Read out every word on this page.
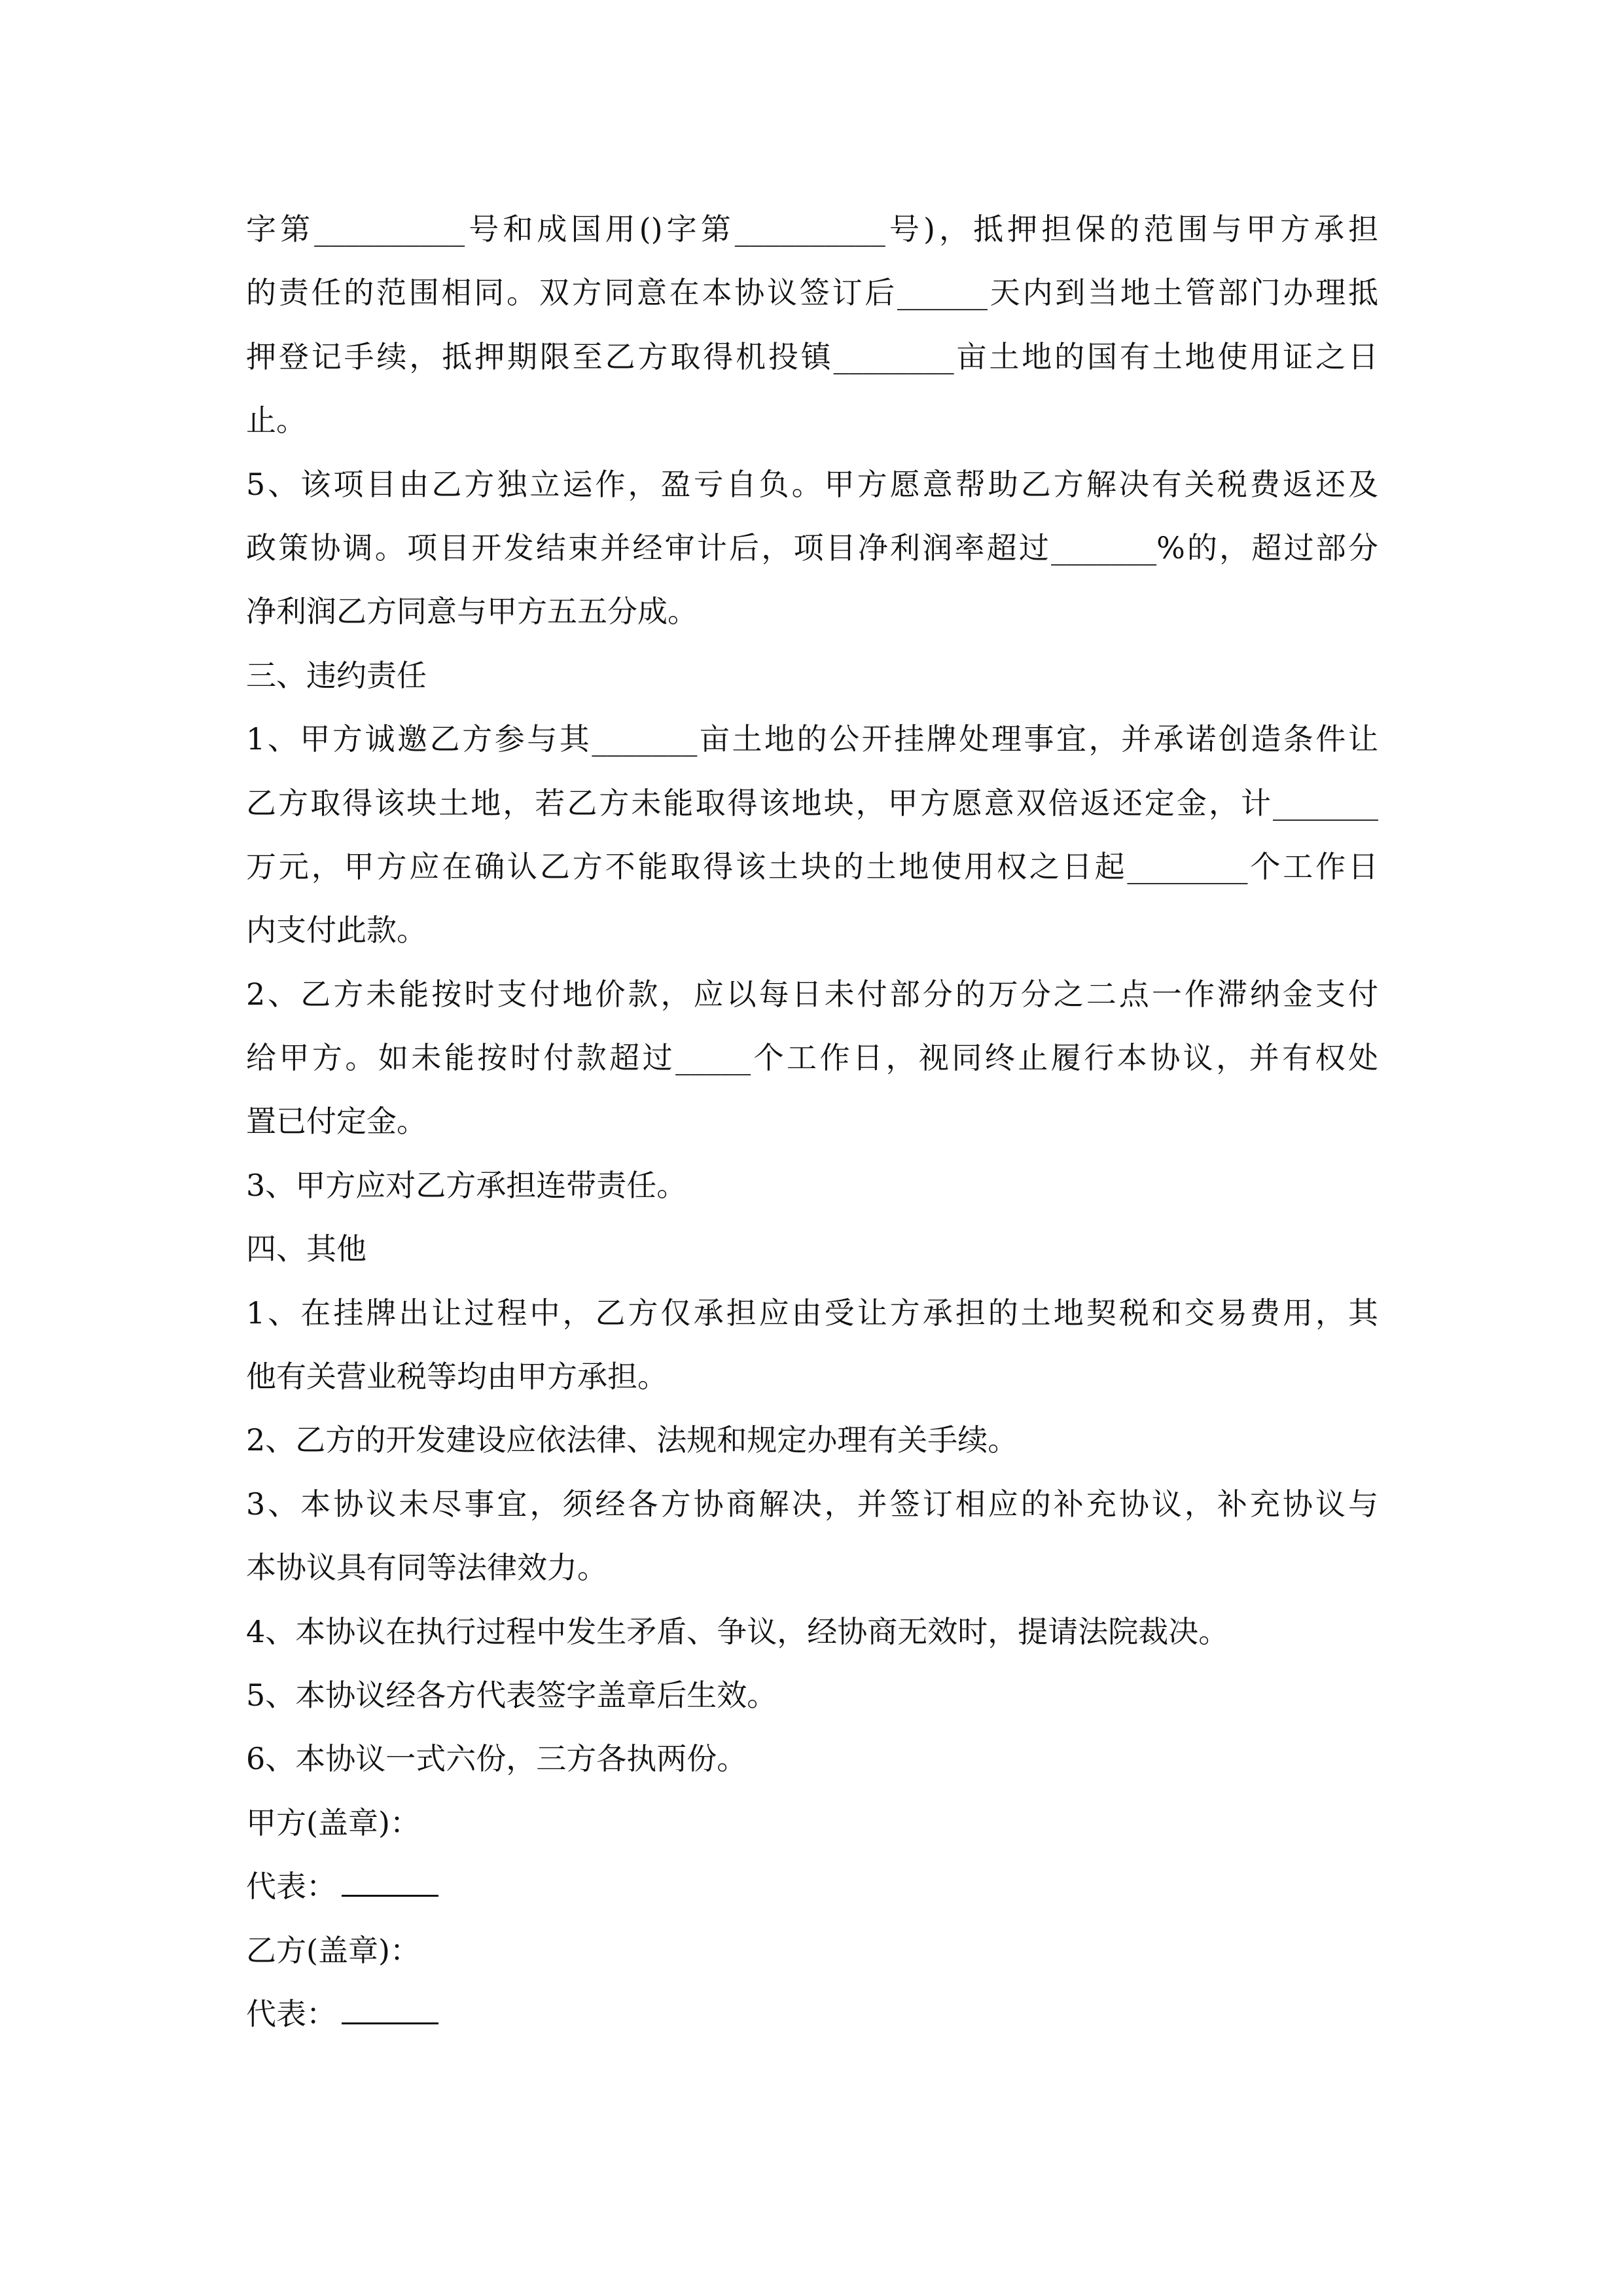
字第__________号和成国用()字第__________号)，抵押担保的范围与甲方承担
的责任的范围相同。双方同意在本协议签订后______天内到当地土管部门办理抵
押登记手续，抵押期限至乙方取得机投镇________亩土地的国有土地使用证之日
止。
5、该项目由乙方独立运作，盈亏自负。甲方愿意帮助乙方解决有关税费返还及
政策协调。项目开发结束并经审计后，项目净利润率超过_______%的，超过部分
净利润乙方同意与甲方五五分成。
三、违约责任
1、甲方诚邀乙方参与其_______亩土地的公开挂牌处理事宜，并承诺创造条件让
乙方取得该块土地，若乙方未能取得该地块，甲方愿意双倍返还定金，计_______
万元，甲方应在确认乙方不能取得该土块的土地使用权之日起________个工作日
内支付此款。
2、乙方未能按时支付地价款，应以每日未付部分的万分之二点一作滞纳金支付
给甲方。如未能按时付款超过_____个工作日，视同终止履行本协议，并有权处
置已付定金。
3、甲方应对乙方承担连带责任。
四、其他
1、在挂牌出让过程中，乙方仅承担应由受让方承担的土地契税和交易费用，其
他有关营业税等均由甲方承担。
2、乙方的开发建设应依法律、法规和规定办理有关手续。
3、本协议未尽事宜，须经各方协商解决，并签订相应的补充协议，补充协议与
本协议具有同等法律效力。
4、本协议在执行过程中发生矛盾、争议，经协商无效时，提请法院裁决。
5、本协议经各方代表签字盖章后生效。
6、本协议一式六份，三方各执两份。
甲方(盖章)：
代表：
乙方(盖章)：
代表：
